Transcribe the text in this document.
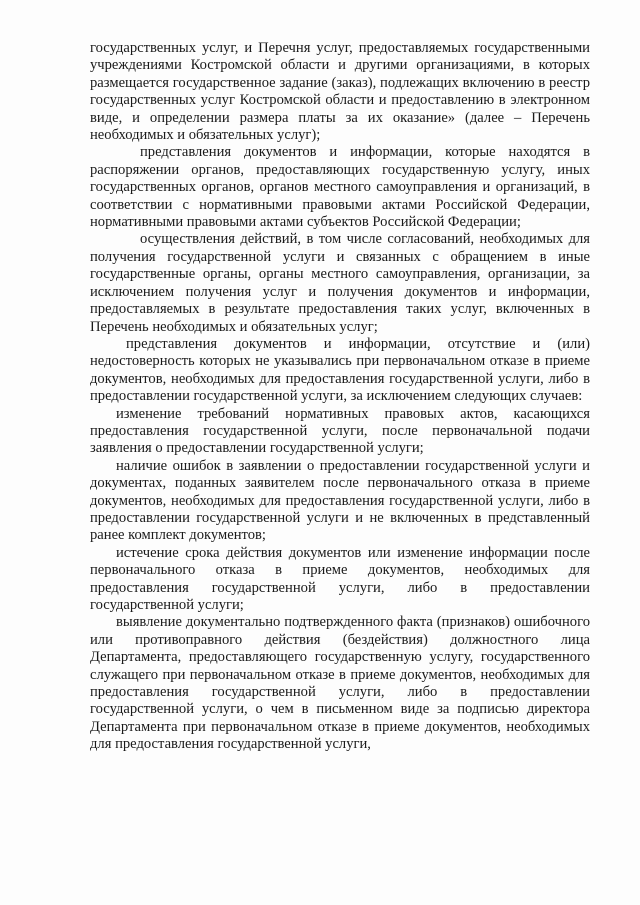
государственных услуг, и Перечня услуг, предоставляемых государственными учреждениями Костромской области и другими организациями, в которых размещается государственное задание (заказ), подлежащих включению в реестр государственных услуг Костромской области и предоставлению в электронном виде, и определении размера платы за их оказание» (далее – Перечень необходимых и обязательных услуг);

представления документов и информации, которые находятся в распоряжении органов, предоставляющих государственную услугу, иных государственных органов, органов местного самоуправления и организаций, в соответствии с нормативными правовыми актами Российской Федерации, нормативными правовыми актами субъектов Российской Федерации;

осуществления действий, в том числе согласований, необходимых для получения государственной услуги и связанных с обращением в иные государственные органы, органы местного самоуправления, организации, за исключением получения услуг и получения документов и информации, предоставляемых в результате предоставления таких услуг, включенных в Перечень необходимых и обязательных услуг;

представления документов и информации, отсутствие и (или) недостоверность которых не указывались при первоначальном отказе в приеме документов, необходимых для предоставления государственной услуги, либо в предоставлении государственной услуги, за исключением следующих случаев:

изменение требований нормативных правовых актов, касающихся предоставления государственной услуги, после первоначальной подачи заявления о предоставлении государственной услуги;

наличие ошибок в заявлении о предоставлении государственной услуги и документах, поданных заявителем после первоначального отказа в приеме документов, необходимых для предоставления государственной услуги, либо в предоставлении государственной услуги и не включенных в представленный ранее комплект документов;

истечение срока действия документов или изменение информации после первоначального отказа в приеме документов, необходимых для предоставления государственной услуги, либо в предоставлении государственной услуги;

выявление документально подтвержденного факта (признаков) ошибочного или противоправного действия (бездействия) должностного лица Департамента, предоставляющего государственную услугу, государственного служащего при первоначальном отказе в приеме документов, необходимых для предоставления государственной услуги, либо в предоставлении государственной услуги, о чем в письменном виде за подписью директора Департамента при первоначальном отказе в приеме документов, необходимых для предоставления государственной услуги,
